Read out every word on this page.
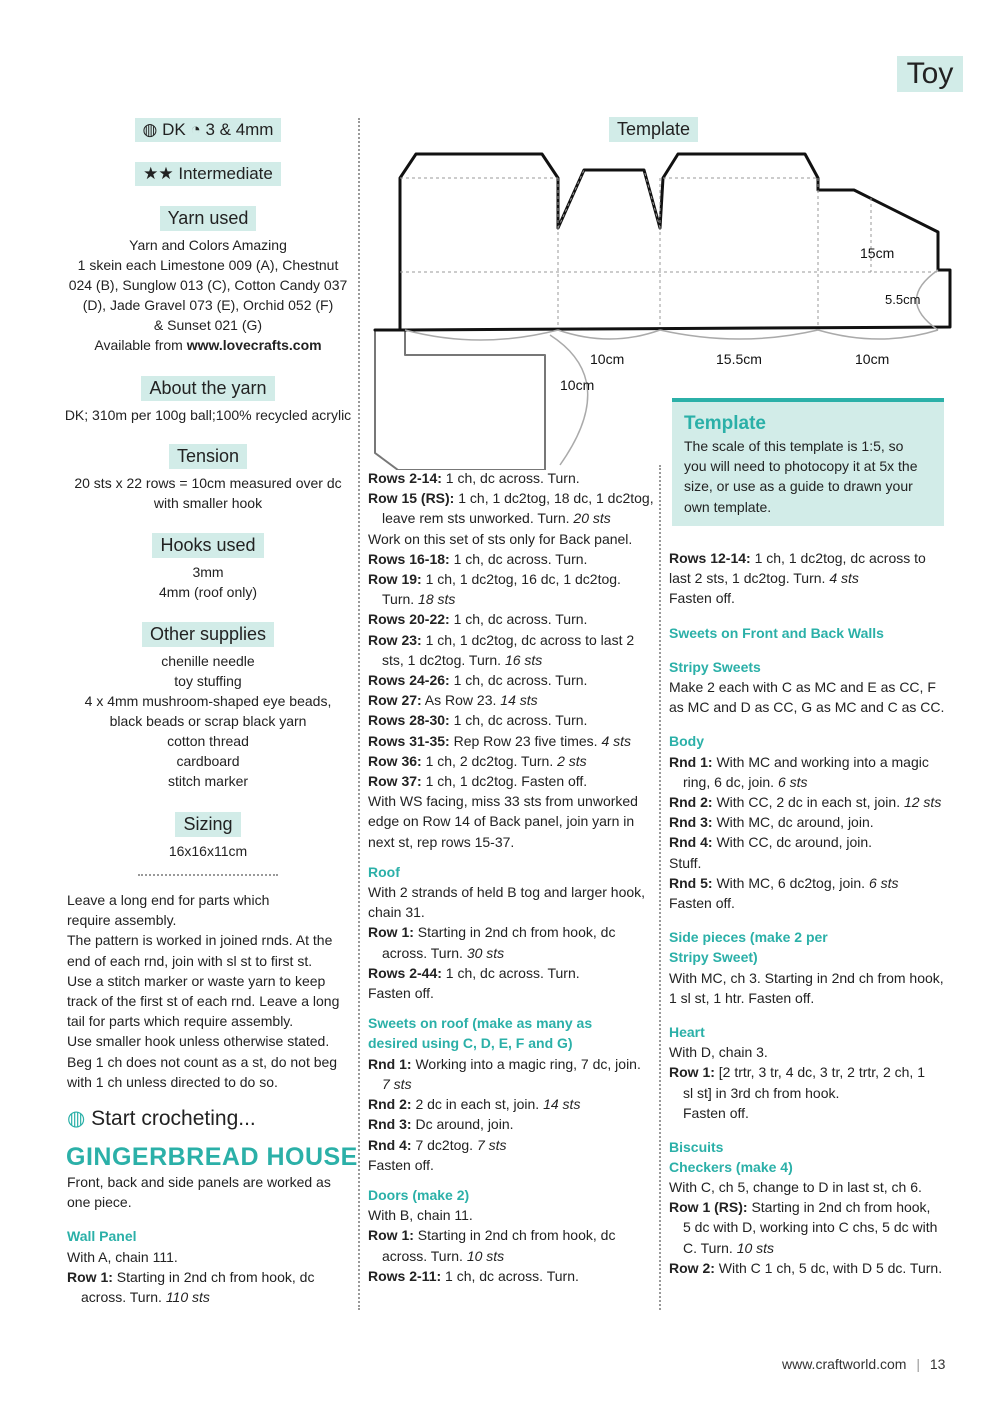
Toy
◍ DK ◔ 3 & 4mm
★★ Intermediate
Yarn used

Yarn and Colors Amazing

1 skein each Limestone 009 (A), Chestnut

024 (B), Sunglow 013 (C), Cotton Candy 037

(D), Jade Gravel 073 (E), Orchid 052 (F)

& Sunset 021 (G)

Available from www.lovecrafts.com

About the yarn

DK; 310m per 100g ball;100% recycled acrylic

Tension

20 sts x 22 rows = 10cm measured over dc

with smaller hook

Hooks used

3mm

4mm (roof only)

Other supplies

chenille needle

toy stuffing

4 x 4mm mushroom-shaped eye beads,

black beads or scrap black yarn

cotton thread

cardboard

stitch marker

Sizing

16x16x11cm

Leave a long end for parts which

require assembly.

The pattern is worked in joined rnds. At the

end of each rnd, join with sl st to first st.

Use a stitch marker or waste yarn to keep

track of the first st of each rnd. Leave a long

tail for parts which require assembly.

Use smaller hook unless otherwise stated.

Beg 1 ch does not count as a st, do not beg

with 1 ch unless directed to do so.

◍ Start crocheting...
GINGERBREAD HOUSE

Front, back and side panels are worked as

one piece.

Wall Panel

With A, chain 111.

Row 1: Starting in 2nd ch from hook, dc

across. Turn. 110 sts

Template
15cm
5.5cm
10cm	15.5cm	10cm
10cm

Template

The scale of this template is 1:5, so

you will need to photocopy it at 5x the

size, or use as a guide to drawn your

own template.

Rows 2-14: 1 ch, dc across. Turn.

Row 15 (RS): 1 ch, 1 dc2tog, 18 dc, 1 dc2tog,

leave rem sts unworked. Turn. 20 sts

Work on this set of sts only for Back panel.

Rows 16-18: 1 ch, dc across. Turn.

Row 19: 1 ch, 1 dc2tog, 16 dc, 1 dc2tog.

Turn. 18 sts

Rows 20-22: 1 ch, dc across. Turn.

Row 23: 1 ch, 1 dc2tog, dc across to last 2

sts, 1 dc2tog. Turn. 16 sts

Rows 24-26: 1 ch, dc across. Turn.

Row 27: As Row 23. 14 sts

Rows 28-30: 1 ch, dc across. Turn.

Rows 31-35: Rep Row 23 five times. 4 sts

Row 36: 1 ch, 2 dc2tog. Turn. 2 sts

Row 37: 1 ch, 1 dc2tog. Fasten off.

With WS facing, miss 33 sts from unworked

edge on Row 14 of Back panel, join yarn in

next st, rep rows 15-37.

Roof

With 2 strands of held B tog and larger hook,

chain 31.

Row 1: Starting in 2nd ch from hook, dc

across. Turn. 30 sts

Rows 2-44: 1 ch, dc across. Turn.

Fasten off.

Sweets on roof (make as many as

desired using C, D, E, F and G)

Rnd 1: Working into a magic ring, 7 dc, join.

7 sts

Rnd 2: 2 dc in each st, join. 14 sts

Rnd 3: Dc around, join.

Rnd 4: 7 dc2tog. 7 sts

Fasten off.

Doors (make 2)

With B, chain 11.

Row 1: Starting in 2nd ch from hook, dc

across. Turn. 10 sts

Rows 2-11: 1 ch, dc across. Turn.

Rows 12-14: 1 ch, 1 dc2tog, dc across to

last 2 sts, 1 dc2tog. Turn. 4 sts

Fasten off.

Sweets on Front and Back Walls

Stripy Sweets

Make 2 each with C as MC and E as CC, F

as MC and D as CC, G as MC and C as CC.

Body

Rnd 1: With MC and working into a magic

ring, 6 dc, join. 6 sts

Rnd 2: With CC, 2 dc in each st, join. 12 sts

Rnd 3: With MC, dc around, join.

Rnd 4: With CC, dc around, join.

Stuff.

Rnd 5: With MC, 6 dc2tog, join. 6 sts

Fasten off.

Side pieces (make 2 per

Stripy Sweet)

With MC, ch 3. Starting in 2nd ch from hook,

1 sl st, 1 htr. Fasten off.

Heart

With D, chain 3.

Row 1: [2 trtr, 3 tr, 4 dc, 3 tr, 2 trtr, 2 ch, 1

sl st] in 3rd ch from hook.

Fasten off.

Biscuits

Checkers (make 4)

With C, ch 5, change to D in last st, ch 6.

Row 1 (RS): Starting in 2nd ch from hook,

5 dc with D, working into C chs, 5 dc with

C. Turn. 10 sts

Row 2: With C 1 ch, 5 dc, with D 5 dc. Turn.

www.craftworld.com | 13
